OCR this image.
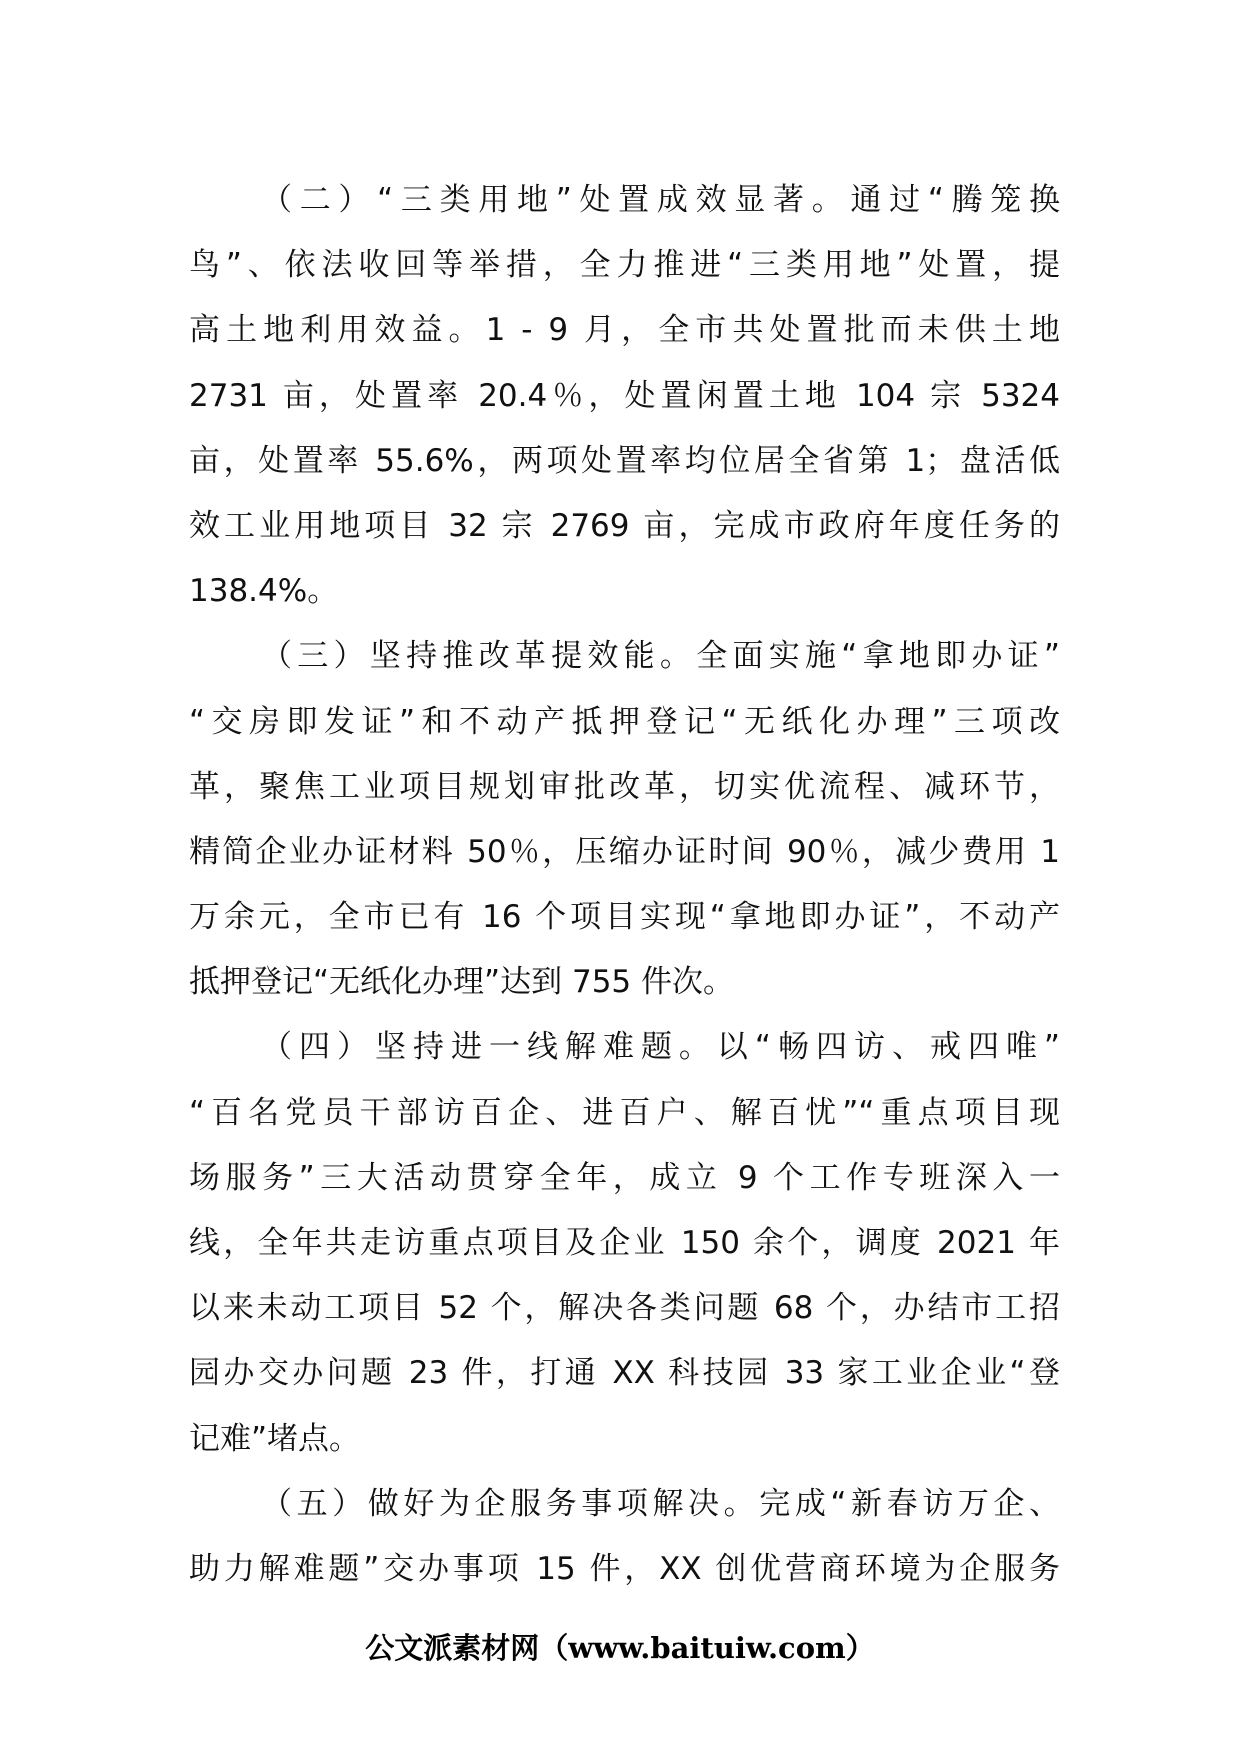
（二）“三类用地”处置成效显著。通过“腾笼换
鸟”、依法收回等举措，全力推进“三类用地”处置，提
高土地利用效益。1 - 9 月，全市共处置批而未供土地
2731 亩，处置率 20.4％，处置闲置土地 104 宗 5324
亩，处置率 55.6%，两项处置率均位居全省第 1；盘活低
效工业用地项目 32 宗 2769 亩，完成市政府年度任务的
138.4%。
（三）坚持推改革提效能。全面实施“拿地即办证”
“交房即发证”和不动产抵押登记“无纸化办理”三项改
革，聚焦工业项目规划审批改革，切实优流程、减环节，
精简企业办证材料 50％，压缩办证时间 90％，减少费用 1
万余元，全市已有 16 个项目实现“拿地即办证”，不动产
抵押登记“无纸化办理”达到 755 件次。
（四）坚持进一线解难题。以“畅四访、戒四唯”
“百名党员干部访百企、进百户、解百忧”“重点项目现
场服务”三大活动贯穿全年，成立 9 个工作专班深入一
线，全年共走访重点项目及企业 150 余个，调度 2021 年
以来未动工项目 52 个，解决各类问题 68 个，办结市工招
园办交办问题 23 件，打通 XX 科技园 33 家工业企业“登
记难”堵点。
（五）做好为企服务事项解决。完成“新春访万企、
助力解难题”交办事项 15 件，XX 创优营商环境为企服务
公文派素材网（www.baituiw.com）
